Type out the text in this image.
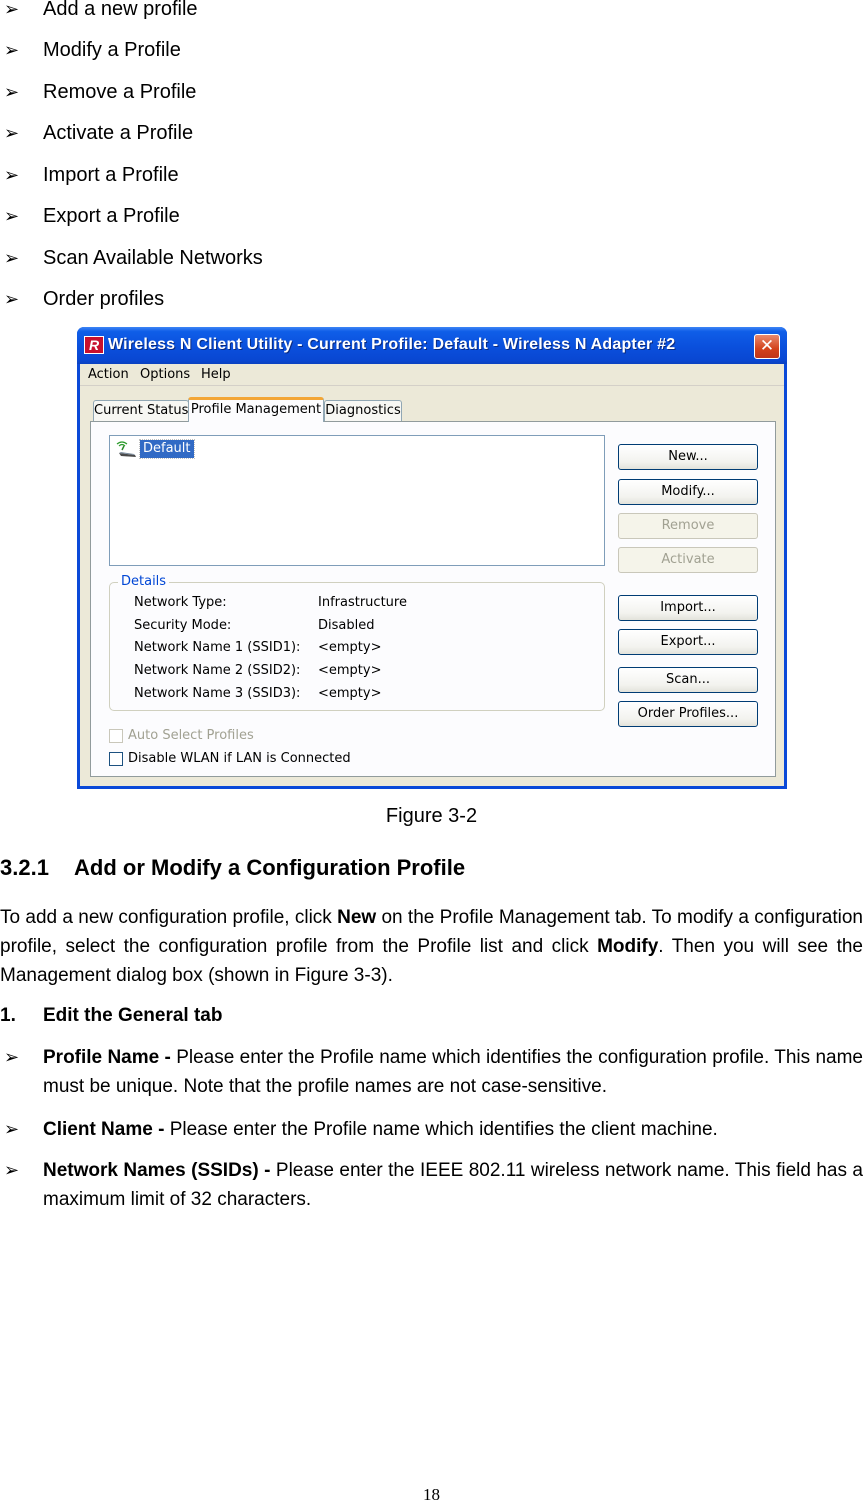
➢ Add a new profile
➢ Modify a Profile
➢ Remove a Profile
➢ Activate a Profile
➢ Import a Profile
➢ Export a Profile
➢ Scan Available Networks
➢ Order profiles
R Wireless N Client Utility - Current Profile: Default - Wireless N Adapter #2	✕
Action Options Help
Current Status Profile Management Diagnostics
Default
Details
Network Type:	Infrastructure
Security Mode:	Disabled
Network Name 1 (SSID1): <empty>
Network Name 2 (SSID2): <empty>
Network Name 3 (SSID3): <empty>
Auto Select Profiles
Disable WLAN if LAN is Connected
New...
Modify...
Remove
Activate
Import...
Export...
Scan...
Order Profiles...
Figure 3-2
3.2.1 Add or Modify a Configuration Profile
To add a new configuration profile, click New on the Profile Management tab. To modify a configuration profile, select the configuration profile from the Profile list and click Modify. Then you will see the Management dialog box (shown in Figure 3-3).
1. Edit the General tab
➢ Profile Name - Please enter the Profile name which identifies the configuration profile. This name must be unique. Note that the profile names are not case-sensitive.
➢ Client Name - Please enter the Profile name which identifies the client machine.
➢ Network Names (SSIDs) - Please enter the IEEE 802.11 wireless network name. This field has a maximum limit of 32 characters.
18
